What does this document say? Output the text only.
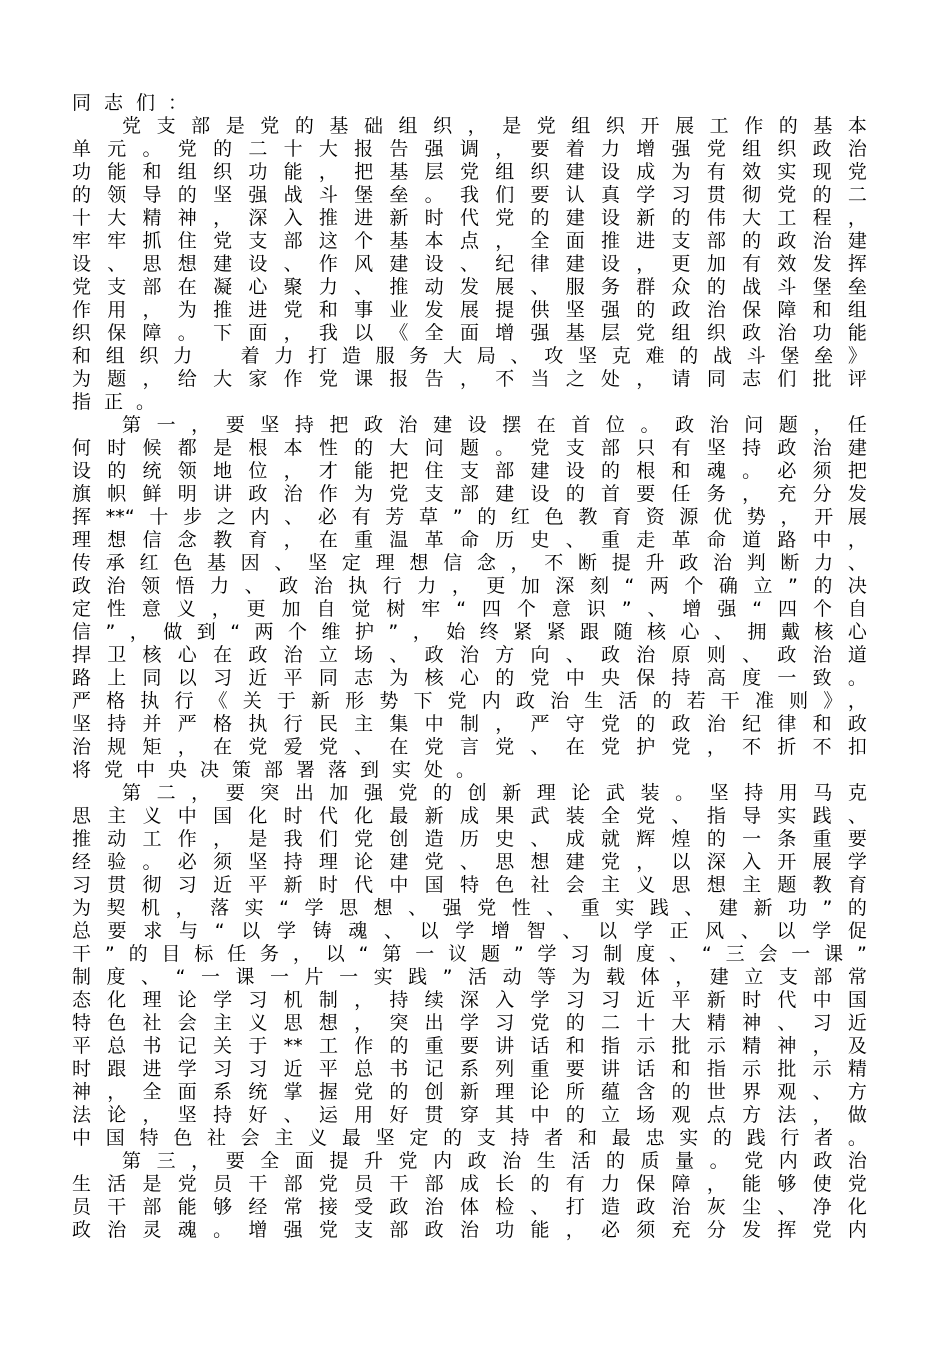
同志们：
党支部是党的基础组织，是党组织开展工作的基本
单元。党的二十大报告强调，要着力增强党组织政治
功能和组织功能，把基层党组织建设成为有效实现党
的领导的坚强战斗堡垒。我们要认真学习贯彻党的二
十大精神，深入推进新时代党的建设新的伟大工程，
牢牢抓住党支部这个基本点，全面推进支部的政治建
设、思想建设、作风建设、纪律建设，更加有效发挥
党支部在凝心聚力、推动发展、服务群众的战斗堡垒
作用，为推进党和事业发展提供坚强的政治保障和组
织保障。下面，我以《全面增强基层党组织政治功能
和组织力　着力打造服务大局、攻坚克难的战斗堡垒》
为题，给大家作党课报告，不当之处，请同志们批评
指正。
第一，要坚持把政治建设摆在首位。政治问题，任
何时候都是根本性的大问题。党支部只有坚持政治建
设的统领地位，才能把住支部建设的根和魂。必须把
旗帜鲜明讲政治作为党支部建设的首要任务，充分发
挥**“十步之内、必有芳草”的红色教育资源优势，开展
理想信念教育，在重温革命历史、重走革命道路中，
传承红色基因、坚定理想信念，不断提升政治判断力、
政治领悟力、政治执行力，更加深刻“两个确立”的决
定性意义，更加自觉树牢“四个意识”、增强“四个自
信”，做到“两个维护”，始终紧紧跟随核心、拥戴核心
捍卫核心在政治立场、政治方向、政治原则、政治道
路上同以习近平同志为核心的党中央保持高度一致。
严格执行《关于新形势下党内政治生活的若干准则》，
坚持并严格执行民主集中制，严守党的政治纪律和政
治规矩，在党爱党、在党言党、在党护党，不折不扣
将党中央决策部署落到实处。
第二，要突出加强党的创新理论武装。坚持用马克
思主义中国化时代化最新成果武装全党、指导实践、
推动工作，是我们党创造历史、成就辉煌的一条重要
经验。必须坚持理论建党、思想建党，以深入开展学
习贯彻习近平新时代中国特色社会主义思想主题教育
为契机，落实“学思想、强党性、重实践、建新功”的
总要求与“以学铸魂、以学增智、以学正风、以学促
干”的目标任务，以“第一议题”学习制度、“三会一课”
制度、“一课一片一实践”活动等为载体，建立支部常
态化理论学习机制，持续深入学习习近平新时代中国
特色社会主义思想，突出学习党的二十大精神、习近
平总书记关于**工作的重要讲话和指示批示精神，及
时跟进学习习近平总书记系列重要讲话和指示批示精
神，全面系统掌握党的创新理论所蕴含的世界观、方
法论，坚持好、运用好贯穿其中的立场观点方法，做
中国特色社会主义最坚定的支持者和最忠实的践行者。
第三，要全面提升党内政治生活的质量。党内政治
生活是党员干部党员干部成长的有力保障，能够使党
员干部能够经常接受政治体检、打造政治灰尘、净化
政治灵魂。增强党支部政治功能，必须充分发挥党内
